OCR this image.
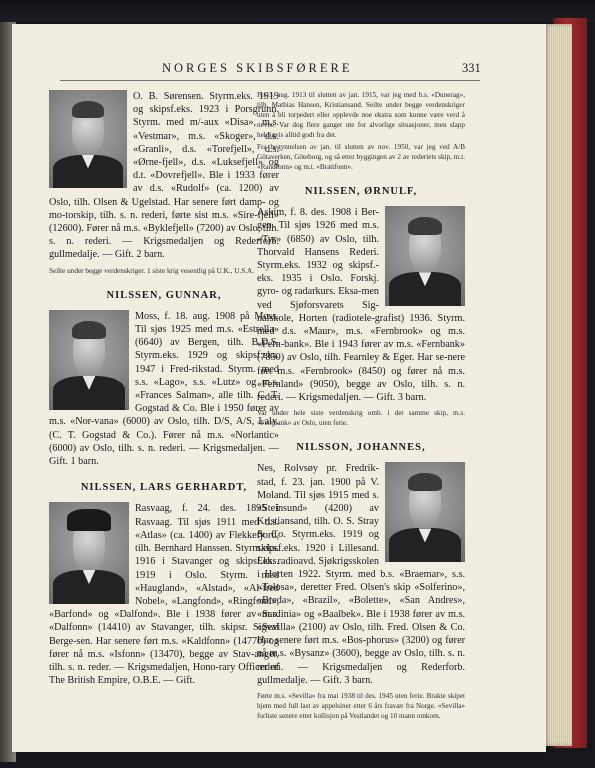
NORGES SKIBSFØRERE	331

O. B. Sørensen. Styrm.eks. 1919 og skipsf.eks. 1923 i Porsgrunn. Styrm. med m/-aux «Disa», m.s. «Vestmar», m.s. «Skoger», d.s. «Granli», d.s. «Torefjell», d.s. «Ørne-fjell», d.s. «Luksefjell» og d.t. «Dovrefjell». Ble i 1933 fører av d.s. «Rudolf» (ca. 1200) av Oslo, tilh. Olsen & Ugelstad. Har senere ført damp- og mo-torskip, tilh. s. n. rederi, førte sist m.s. «Sire-fjell» (12600). Fører nå m.s. «Byklefjell» (7200) av Oslo, tilh. s. n. rederi. — Krigsmedaljen og Rederforb. gullmedalje. — Gift. 2 barn.

Seilte under begge verdenskriger. 1 siste krig vesentlig på U.K., U.S.A.

NILSSEN, GUNNAR,

Moss, f. 18. aug. 1908 på Moss. Til sjøs 1925 med m.s. «Estrella» (6640) av Bergen, tilh. B.D.S. Styrm.eks. 1929 og skipsf.eks. 1947 i Fred-rikstad. Styrm. med s.s. «Lago», s.s. «Lutz» og m.s. «Frances Salman», alle tilh. C. T. Gogstad & Co. Ble i 1950 fører av m.s. «Nor-vana» (6000) av Oslo, tilh. D/S, A/S, Laly. (C. T. Gogstad & Co.). Fører nå m.s. «Norlantic» (6000) av Oslo, tilh. s. n. rederi. — Krigsmedaljen. — Gift. 1 barn.

NILSSEN, LARS GERHARDT,

Rasvaag, f. 24. des. 1895 i Rasvaag. Til sjøs 1911 med d.s. «Atlas» (ca. 1400) av Flekkefjord, tilh. Bernhard Hanssen. Styrm.eks. 1916 i Stavanger og skipsf.eks. 1919 i Oslo. Styrm. med «Haugland», «Alstad», «Al-fred Nobel», «Langfond», «Ringfond», «Barfond» og «Dalfond». Ble i 1938 fører av m.s. «Dalfonn» (14410) av Stavanger, tilh. skipsr. Sigval Berge-sen. Har senere ført m.s. «Kaldfonn» (14770) og fører nå m.s. «Isfonn» (13470), begge av Stav-anger, tilh. s. n. reder. — Krigsmedaljen, Hono-rary Officer of The British Empire, O.B.E. — Gift.

Fra 3. aug. 1913 til slutten av jan. 1915, var jeg med b.s. «Dunerag», tilh. Mathias Hansen, Kristiansand. Seilte under begge verdenskriger uten å bli torpedert eller opplevde noe ekstra som kunne være verd å nevne. Var dog flere ganger ute for alvorlige situasjoner, men slapp heldigvis alltid godt fra det.

Fra begynnelsen av jan. til slutten av nov. 1950, var jeg ved A/B Götaverken, Göteborg, og så etter byggingen av 2 av rederiets skip, m.t. «Randfonn» og m.t. «Brattfonn».

NILSSEN, ØRNULF,

Askim, f. 8. des. 1908 i Ber-gen. Til sjøs 1926 med m.s. «Tyr» (6850) av Oslo, tilh. Thorvald Hansens Rederi. Styrm.eks. 1932 og skipsf.-eks. 1935 i Oslo. Forskj. gyro- og radarkurs. Eksa-men ved Sjøforsvarets Sig-nalskole, Horten (radiotele-grafist) 1936. Styrm. med d.s. «Maur», m.s. «Fernbrook» og m.s. «Fern-bank». Ble i 1943 fører av m.s. «Fernbank» (7850) av Oslo, tilh. Fearnley & Eger. Har se-nere ført m.s. «Fernbrook» (8450) og fører nå m.s. «Fernland» (9050), begge av Oslo, tilh. s. n. rederi. — Krigsmedaljen. — Gift. 3 barn.

Var under hele siste verdenskrig omb. i det samme skip, m.s. «Fernbank» av Oslo, uten ferie.

NILSSON, JOHANNES,

Nes, Rolvsøy pr. Fredrik-stad, f. 23. jan. 1900 på V. Moland. Til sjøs 1915 med s. «Steinsund» (4200) av Kristiansand, tilh. O. S. Stray & Co. Styrm.eks. 1919 og skipsf.eks. 1920 i Lillesand. Eks. radioavd. Sjøkrigsskolen i Horten 1922. Styrm. med b.s. «Braemar», s.s. «Tolosa», deretter Fred. Olsen's skip «Solferino», «Breda», «Brazil», «Bolette», «San Andres», «Sardinia» og «Baalbek». Ble i 1938 fører av m.s. «Sevilla» (2100) av Oslo, tilh. Fred. Olsen & Co. Har senere ført m.s. «Bos-phorus» (3200) og fører nå m.s. «Bysanz» (3600), begge av Oslo, tilh. s. n. rederi. — Krigsmedaljen og Rederforb. gullmedalje. — Gift. 3 barn.

Førte m.s. «Sevilla» fra mai 1938 til des. 1945 uten ferie. Brakte skipet hjem med full last av appelsiner etter 6 års fravær fra Norge. «Sevilla» forliste senere etter kollisjon på Vestlandet og 10 mann omkom.
